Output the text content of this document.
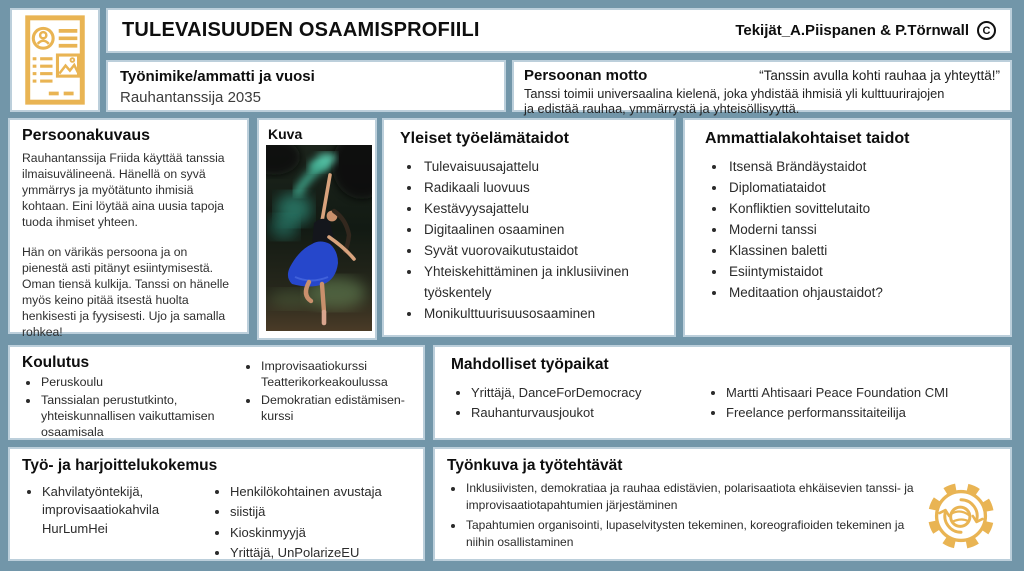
TULEVAISUUDEN OSAAMISPROFIILI	Tekijät_A.Piispanen & P.Törnwall	C
Työnimike/ammatti ja vuosi
Rauhantanssija 2035
Persoonan motto	“Tanssin avulla kohti rauhaa ja yhteyttä!”

Tanssi toimii universaalina kielenä, joka yhdistää ihmisiä yli kulttuurirajojen ja edistää rauhaa, ymmärrystä ja yhteisöllisyyttä.

Persoonakuvaus

Rauhantanssija Friida käyttää tanssia ilmaisuvälineenä. Hänellä on syvä ymmärrys ja myötätunto ihmisiä kohtaan. Eini löytää aina uusia tapoja tuoda ihmiset yhteen.

Hän on värikäs persoona ja on pienestä asti pitänyt esiintymisestä. Oman tiensä kulkija. Tanssi on hänelle myös keino pitää itsestä huolta henkisesti ja fyysisesti. Ujo ja samalla rohkea!

Kuva	Yleiset työelämätaidot
• Tulevaisuusajattelu
• Radikaali luovuus
• Kestävyysajattelu
• Digitaalinen osaaminen
• Syvät vuorovaikutustaidot
• Yhteiskehittäminen ja inklusiivinen työskentely
• Monikulttuurisuusosaaminen
Ammattialakohtaiset taidot
• Itsensä Brändäystaidot
• Diplomatiataidot
• Konfliktien sovittelutaito
• Moderni tanssi
• Klassinen baletti
• Esiintymistaidot
• Meditaation ohjaustaidot?
Koulutus
• Peruskoulu
• Tanssialan perustutkinto, yhteiskunnallisen vaikuttamisen osaamisala
• Improvisaatiokurssi Teatterikorkeakoulussa
• Demokratian edistämisen- kurssi
Mahdolliset työpaikat
• Yrittäjä, DanceForDemocracy
• Rauhanturvausjoukot
• Martti Ahtisaari Peace Foundation CMI
• Freelance performanssitaiteilija
Työ- ja harjoittelukokemus
• Kahvilatyöntekijä, improvisaatiokahvila HurLumHei
• Henkilökohtainen avustaja
• siistijä
• Kioskinmyyjä
• Yrittäjä, UnPolarizeEU
Työnkuva ja työtehtävät
• Inklusiivisten, demokratiaa ja rauhaa edistävien, polarisaatiota ehkäisevien tanssi- ja improvisaatiotapahtumien järjestäminen
• Tapahtumien organisointi, lupaselvitysten tekeminen, koreografioiden tekeminen ja niihin osallistaminen
